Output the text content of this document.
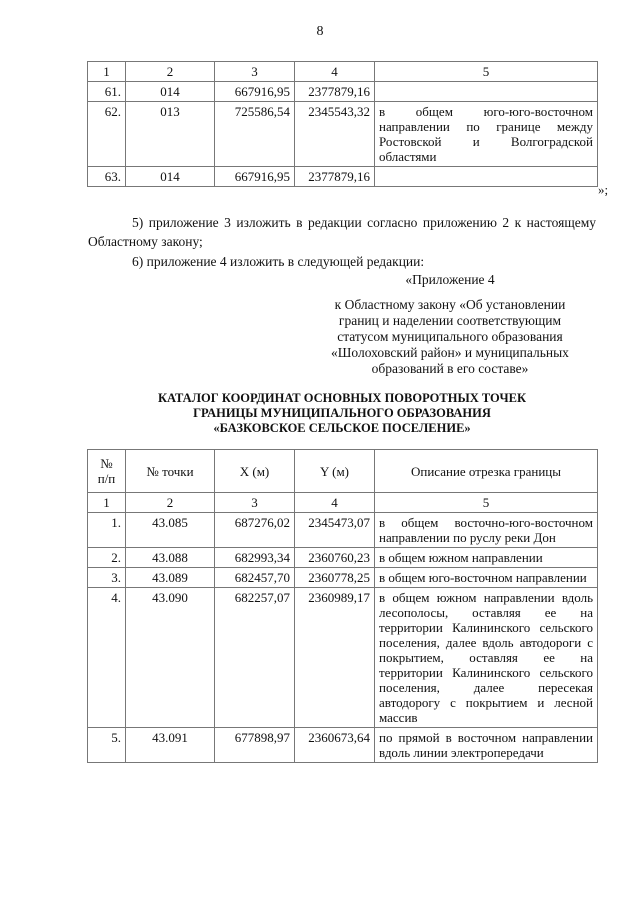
8
1	2	3	4	5
61.	014	667916,95	2377879,16	
62.	013	725586,54	2345543,32	в общем юго-юго-восточном направлении по границе между Ростовской и Волгоградской областями
63.	014	667916,95	2377879,16	
»;

5) приложение 3 изложить в редакции согласно приложению 2 к настоящему Областному закону;

6) приложение 4 изложить в следующей редакции:

«Приложение 4
к Областному закону «Об установлении
границ и наделении соответствующим
статусом муниципального образования
«Шолоховский район» и муниципальных
образований в его составе»
КАТАЛОГ КООРДИНАТ ОСНОВНЫХ ПОВОРОТНЫХ ТОЧЕК
ГРАНИЦЫ МУНИЦИПАЛЬНОГО ОБРАЗОВАНИЯ
«БАЗКОВСКОЕ СЕЛЬСКОЕ ПОСЕЛЕНИЕ»
№
п/п	№ точки	X (м)	Y (м)	Описание отрезка границы
1	2	3	4	5
1.	43.085	687276,02	2345473,07	в общем восточно-юго-восточном направлении по руслу реки Дон
2.	43.088	682993,34	2360760,23	в общем южном направлении
3.	43.089	682457,70	2360778,25	в общем юго-восточном направлении
4.	43.090	682257,07	2360989,17	в общем южном направлении вдоль лесополосы, оставляя ее на территории Калининского сельского поселения, далее вдоль автодороги с покрытием, оставляя ее на территории Калининского сельского поселения, далее пересекая автодорогу с покрытием и лесной массив
5.	43.091	677898,97	2360673,64	по прямой в восточном направлении вдоль линии электропередачи
